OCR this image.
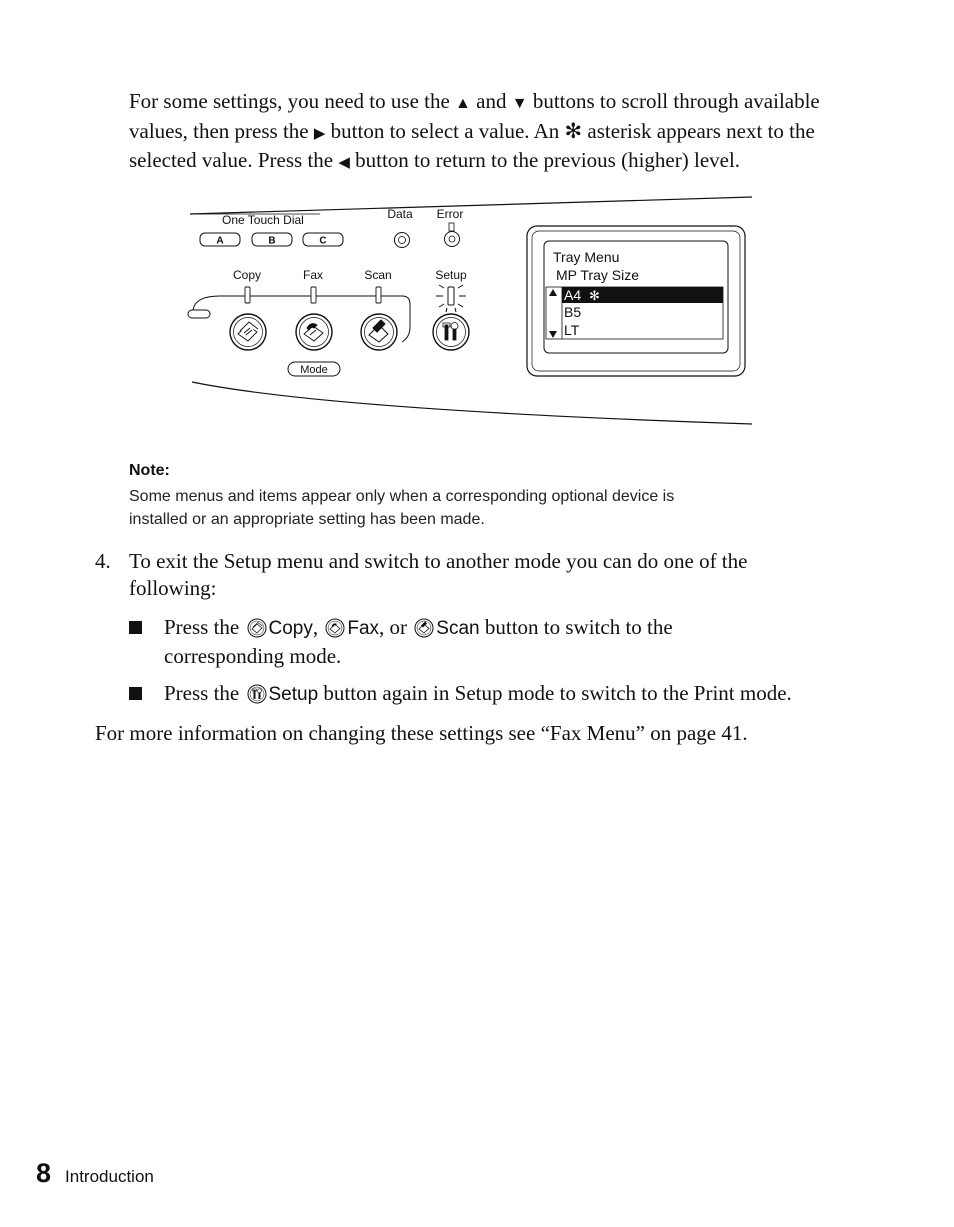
For some settings, you need to use the ▲ and ▼ buttons to scroll through available
values, then press the ▶ button to select a value. An ✻ asterisk appears next to the
selected value. Press the ◀ button to return to the previous (higher) level.
One Touch Dial
A	B	C
Data Error
Copy	Fax	Scan	Setup
Mode
Tray Menu
MP Tray Size
A4 ✻
B5
LT
Note:
Some menus and items appear only when a corresponding optional device is
installed or an appropriate setting has been made.
4. To exit the Setup menu and switch to another mode you can do one of the
following:
Press the Copy, Fax, or Scan button to switch to the
corresponding mode.
Press the Setup button again in Setup mode to switch to the Print mode.
For more information on changing these settings see “Fax Menu” on page 41.
8 Introduction
